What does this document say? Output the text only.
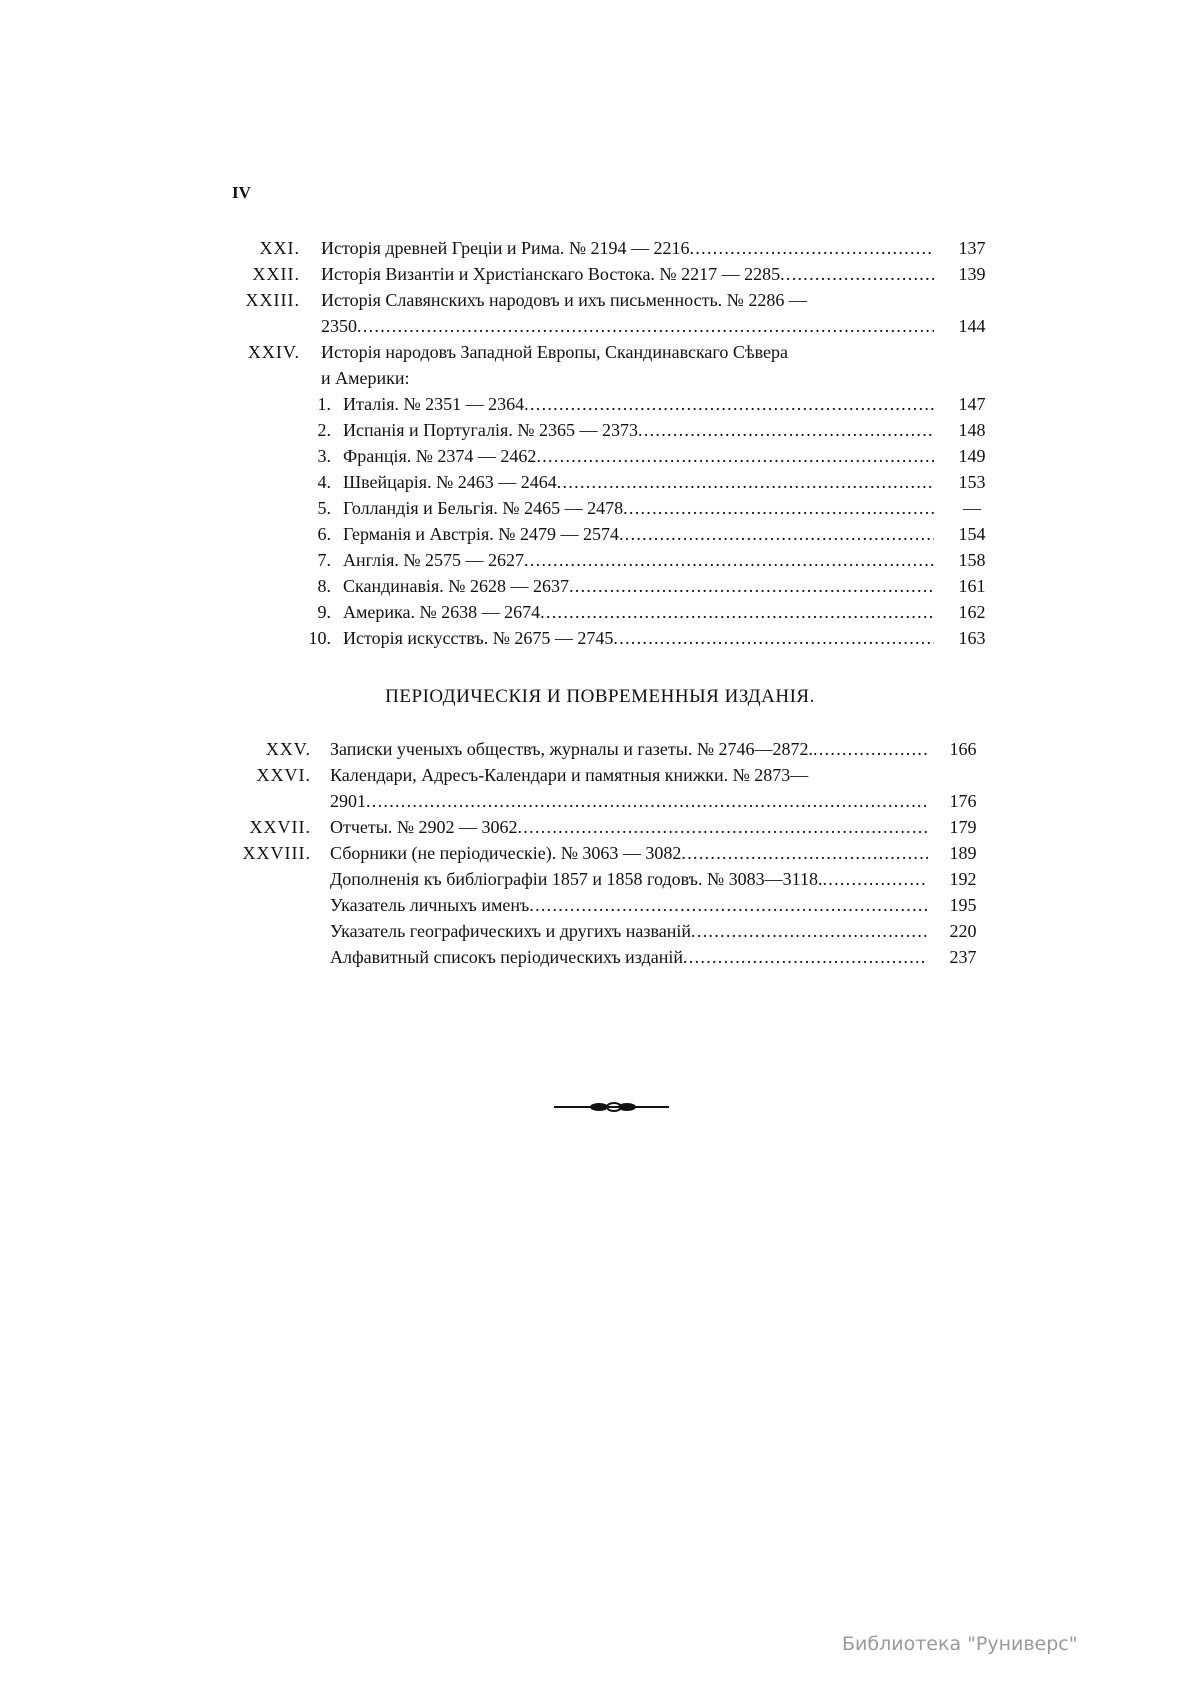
IV
XXI. Исторія древней Греціи и Рима. № 2194 — 2216 . . .	137
XXII. Исторія Византіи и Христіанскаго Востока. № 2217 — 2285 . . .	139
XXIII. Исторія Славянскихъ народовъ и ихъ письменность. № 2286 —
2350 . . .	144
XXIV. Исторія народовъ Западной Европы, Скандинавскаго Сѣвера
и Америки:
1. Италія. № 2351 — 2364 . . .	147
2. Испанія и Португалія. № 2365 — 2373 . . .	148
3. Франція. № 2374 — 2462 . . .	149
4. Швейцарія. № 2463 — 2464 . . .	153
5. Голландія и Бельгія. № 2465 — 2478 . . .	—
6. Германія и Австрія. № 2479 — 2574 . . .	154
7. Англія. № 2575 — 2627 . . .	158
8. Скандинавія. № 2628 — 2637 . . .	161
9. Америка. № 2638 — 2674 . . .	162
10. Исторія искусствъ. № 2675 — 2745 . . .	163
XXV. Записки ученыхъ обществъ, журналы и газеты. № 2746—2872. . . .	166
XXVI. Календари, Адресъ-Календари и памятныя книжки. № 2873—
2901 . . .	176
XXVII. Отчеты. № 2902 — 3062 . . .	179
XXVIII. Сборники (не періодическіе). № 3063 — 3082 . . .	189
Дополненія къ библіографіи 1857 и 1858 годовъ. № 3083—3118. . . .	192
Указатель личныхъ именъ . . .	195
Указатель географическихъ и другихъ названій . . .	220
Алфавитный списокъ періодическихъ изданій . . .	237
ПЕРІОДИЧЕСКІЯ И ПОВРЕМЕННЫЯ ИЗДАНІЯ.
Библиотека "Руниверс"
